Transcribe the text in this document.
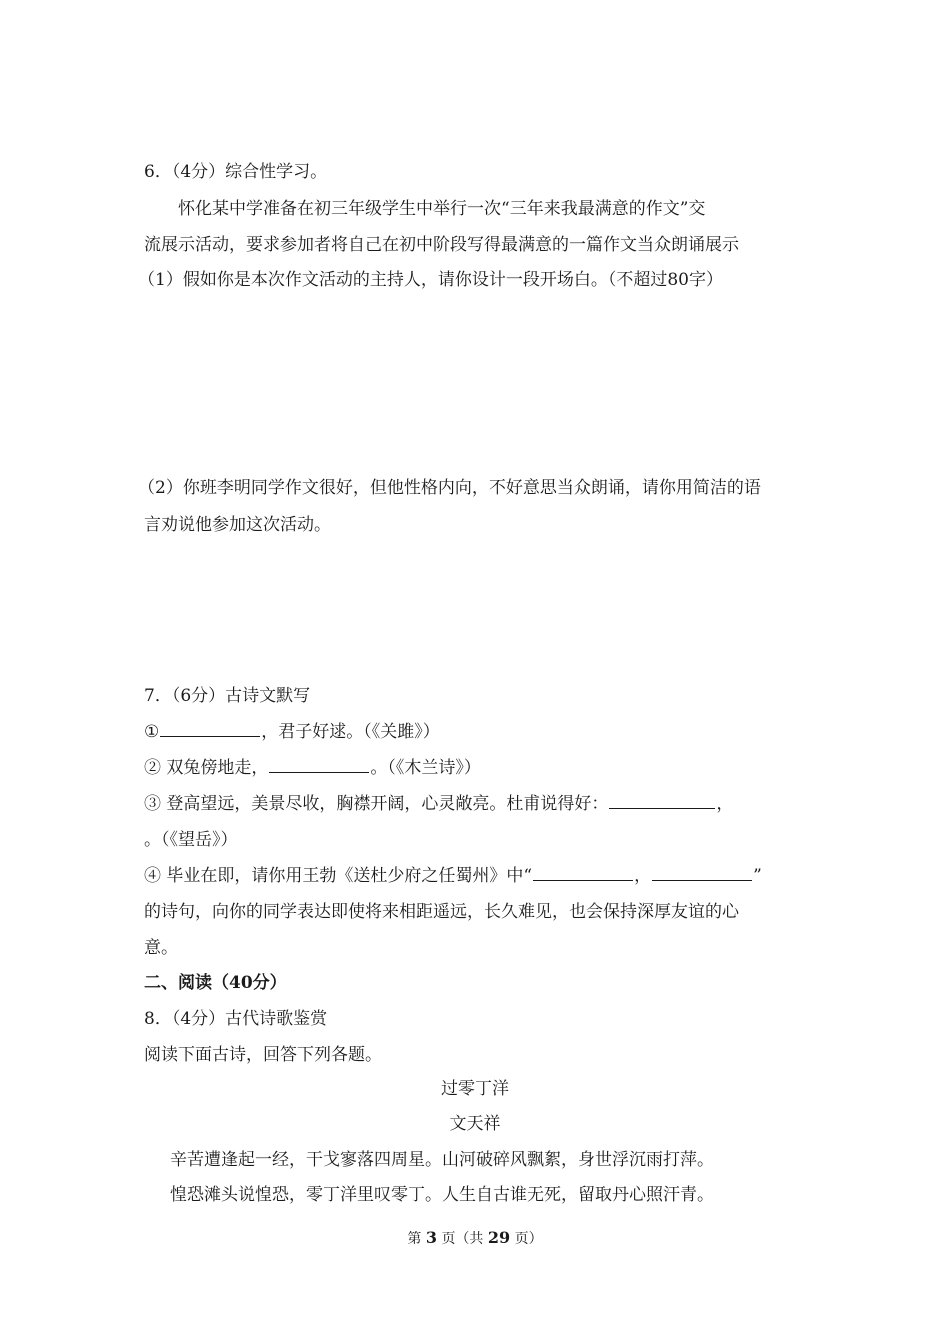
6．（4分）综合性学习。
怀化某中学准备在初三年级学生中举行一次“三年来我最满意的作文”交
流展示活动，要求参加者将自己在初中阶段写得最满意的一篇作文当众朗诵展示
（1）假如你是本次作文活动的主持人，请你设计一段开场白。（不超过80字）
（2）你班李明同学作文很好，但他性格内向，不好意思当众朗诵，请你用简洁的语
言劝说他参加这次活动。
7．（6分）古诗文默写
①	，君子好逑。（《关雎》）
② 双兔傍地走，	。（《木兰诗》）
③ 登高望远，美景尽收，胸襟开阔，心灵敞亮。杜甫说得好：	，
。（《望岳》）
④ 毕业在即，请你用王勃《送杜少府之任蜀州》中“	，	”
的诗句，向你的同学表达即使将来相距遥远，长久难见，也会保持深厚友谊的心
意。
二、阅读（40分）
8．（4分）古代诗歌鉴赏
阅读下面古诗，回答下列各题。
过零丁洋
文天祥
辛苦遭逢起一经，干戈寥落四周星。山河破碎风飘絮，身世浮沉雨打萍。
惶恐滩头说惶恐，零丁洋里叹零丁。人生自古谁无死，留取丹心照汗青。
第 3 页（共 29 页）
